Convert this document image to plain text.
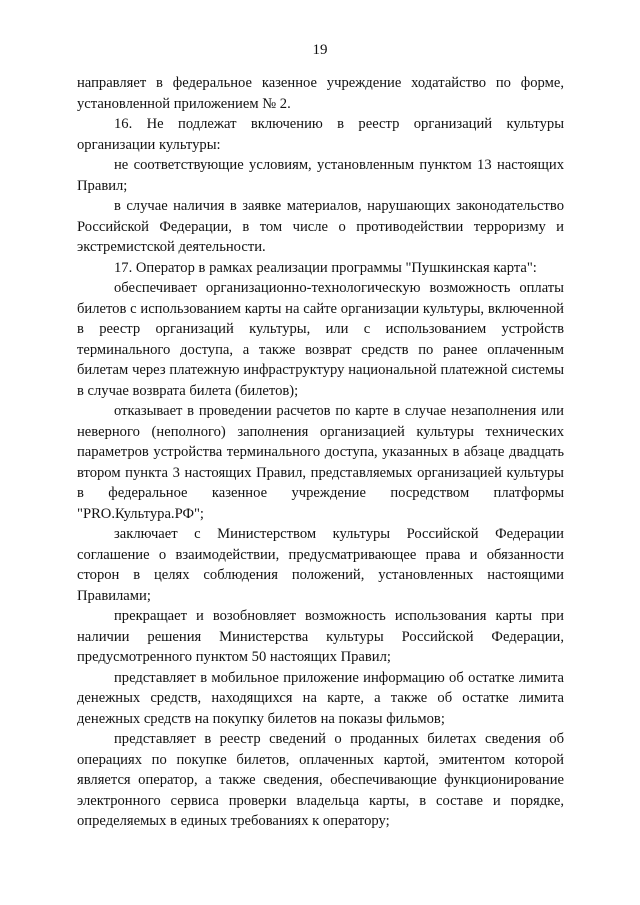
19

направляет в федеральное казенное учреждение ходатайство по форме, установленной приложением № 2.

16. Не подлежат включению в реестр организаций культуры организации культуры:

не соответствующие условиям, установленным пунктом 13 настоящих Правил;

в случае наличия в заявке материалов, нарушающих законодательство Российской Федерации, в том числе о противодействии терроризму и экстремистской деятельности.

17. Оператор в рамках реализации программы "Пушкинская карта":

обеспечивает организационно-технологическую возможность оплаты билетов с использованием карты на сайте организации культуры, включенной в реестр организаций культуры, или с использованием устройств терминального доступа, а также возврат средств по ранее оплаченным билетам через платежную инфраструктуру национальной платежной системы в случае возврата билета (билетов);

отказывает в проведении расчетов по карте в случае незаполнения или неверного (неполного) заполнения организацией культуры технических параметров устройства терминального доступа, указанных в абзаце двадцать втором пункта 3 настоящих Правил, представляемых организацией культуры в федеральное казенное учреждение посредством платформы "PRO.Культура.РФ";

заключает с Министерством культуры Российской Федерации соглашение о взаимодействии, предусматривающее права и обязанности сторон в целях соблюдения положений, установленных настоящими Правилами;

прекращает и возобновляет возможность использования карты при наличии решения Министерства культуры Российской Федерации, предусмотренного пунктом 50 настоящих Правил;

представляет в мобильное приложение информацию об остатке лимита денежных средств, находящихся на карте, а также об остатке лимита денежных средств на покупку билетов на показы фильмов;

представляет в реестр сведений о проданных билетах сведения об операциях по покупке билетов, оплаченных картой, эмитентом которой является оператор, а также сведения, обеспечивающие функционирование электронного сервиса проверки владельца карты, в составе и порядке, определяемых в единых требованиях к оператору;
